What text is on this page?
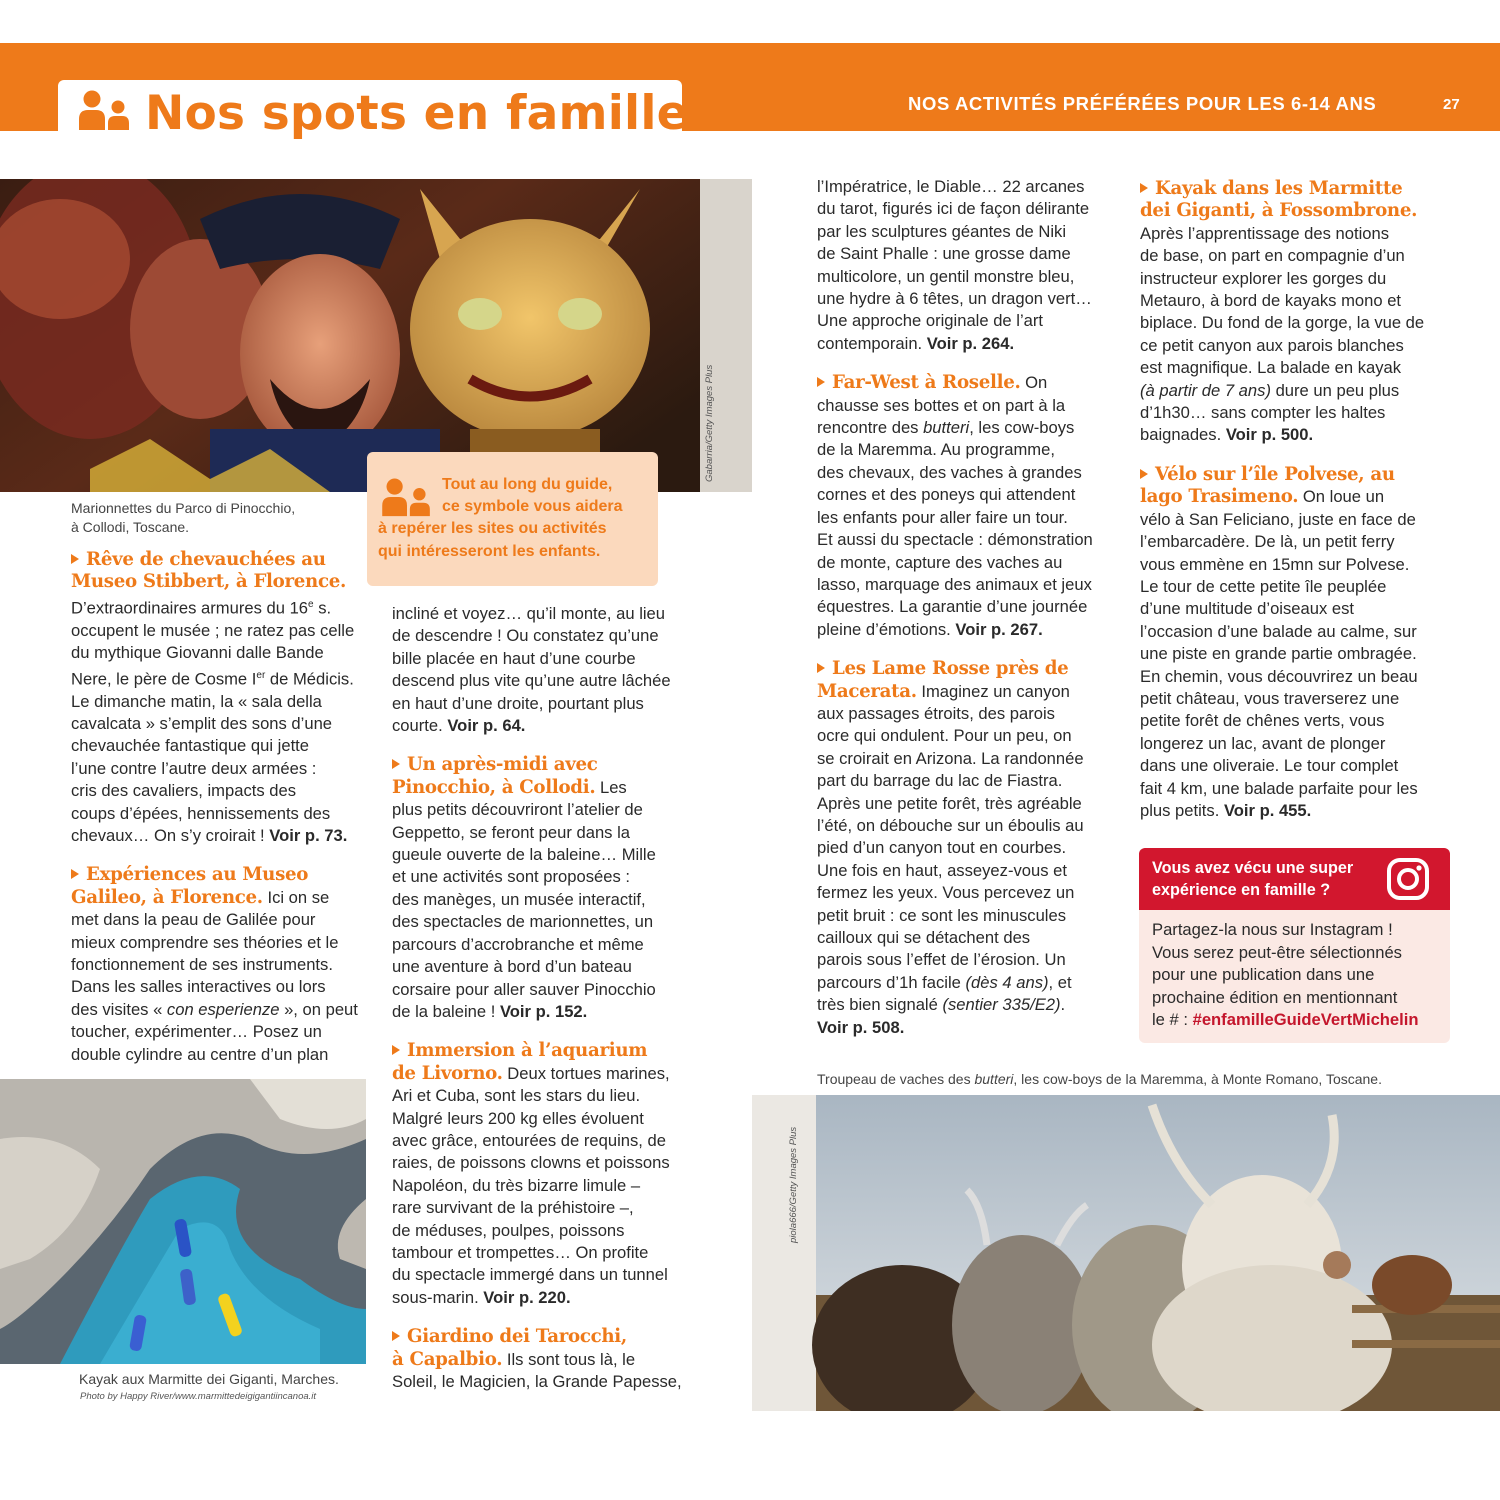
Nos spots en famille	NOS ACTIVITÉS PRÉFÉRÉES POUR LES 6-14 ANS	27
Gabarria/Getty Images Plus
Marionnettes du Parco di Pinocchio,
à Collodi, Toscane.
Kayak aux Marmitte dei Giganti, Marches.
Photo by Happy River/www.marmittedeigigantiincanoa.it
Troupeau de vaches des butteri, les cow-boys de la Maremma, à Monte Romano, Toscane.
piola666/Getty Images Plus
Tout au long du guide,
ce symbole vous aidera
à repérer les sites ou activités
qui intéresseront les enfants.
Rêve de chevauchées au
Museo Stibbert, à Florence.
D’extraordinaires armures du 16e s.
occupent le musée ; ne ratez pas celle
du mythique Giovanni dalle Bande
Nere, le père de Cosme Ier de Médicis.
Le dimanche matin, la « sala della
cavalcata » s’emplit des sons d’une
chevauchée fantastique qui jette
l’une contre l’autre deux armées :
cris des cavaliers, impacts des
coups d’épées, hennissements des
chevaux… On s’y croirait ! Voir p. 73.
Expériences au Museo
Galileo, à Florence. Ici on se
met dans la peau de Galilée pour
mieux comprendre ses théories et le
fonctionnement de ses instruments.
Dans les salles interactives ou lors
des visites « con esperienze », on peut
toucher, expérimenter… Posez un
double cylindre au centre d’un plan
incliné et voyez… qu’il monte, au lieu
de descendre ! Ou constatez qu’une
bille placée en haut d’une courbe
descend plus vite qu’une autre lâchée
en haut d’une droite, pourtant plus
courte. Voir p. 64.
Un après-midi avec
Pinocchio, à Collodi. Les
plus petits découvriront l’atelier de
Geppetto, se feront peur dans la
gueule ouverte de la baleine… Mille
et une activités sont proposées :
des manèges, un musée interactif,
des spectacles de marionnettes, un
parcours d’accrobranche et même
une aventure à bord d’un bateau
corsaire pour aller sauver Pinocchio
de la baleine ! Voir p. 152.
Immersion à l’aquarium
de Livorno. Deux tortues marines,
Ari et Cuba, sont les stars du lieu.
Malgré leurs 200 kg elles évoluent
avec grâce, entourées de requins, de
raies, de poissons clowns et poissons
Napoléon, du très bizarre limule –
rare survivant de la préhistoire –,
de méduses, poulpes, poissons
tambour et trompettes… On profite
du spectacle immergé dans un tunnel
sous-marin. Voir p. 220.
Giardino dei Tarocchi,
à Capalbio. Ils sont tous là, le
Soleil, le Magicien, la Grande Papesse,
l’Impératrice, le Diable… 22 arcanes
du tarot, figurés ici de façon délirante
par les sculptures géantes de Niki
de Saint Phalle : une grosse dame
multicolore, un gentil monstre bleu,
une hydre à 6 têtes, un dragon vert…
Une approche originale de l’art
contemporain. Voir p. 264.
Far-West à Roselle. On
chausse ses bottes et on part à la
rencontre des butteri, les cow-boys
de la Maremma. Au programme,
des chevaux, des vaches à grandes
cornes et des poneys qui attendent
les enfants pour aller faire un tour.
Et aussi du spectacle : démonstration
de monte, capture des vaches au
lasso, marquage des animaux et jeux
équestres. La garantie d’une journée
pleine d’émotions. Voir p. 267.
Les Lame Rosse près de
Macerata. Imaginez un canyon
aux passages étroits, des parois
ocre qui ondulent. Pour un peu, on
se croirait en Arizona. La randonnée
part du barrage du lac de Fiastra.
Après une petite forêt, très agréable
l’été, on débouche sur un éboulis au
pied d’un canyon tout en courbes.
Une fois en haut, asseyez-vous et
fermez les yeux. Vous percevez un
petit bruit : ce sont les minuscules
cailloux qui se détachent des
parois sous l’effet de l’érosion. Un
parcours d’1h facile (dès 4 ans), et
très bien signalé (sentier 335/E2).
Voir p. 508.
Kayak dans les Marmitte
dei Giganti, à Fossombrone.
Après l’apprentissage des notions
de base, on part en compagnie d’un
instructeur explorer les gorges du
Metauro, à bord de kayaks mono et
biplace. Du fond de la gorge, la vue de
ce petit canyon aux parois blanches
est magnifique. La balade en kayak
(à partir de 7 ans) dure un peu plus
d’1h30… sans compter les haltes
baignades. Voir p. 500.
Vélo sur l’île Polvese, au
lago Trasimeno. On loue un
vélo à San Feliciano, juste en face de
l’embarcadère. De là, un petit ferry
vous emmène en 15mn sur Polvese.
Le tour de cette petite île peuplée
d’une multitude d’oiseaux est
l’occasion d’une balade au calme, sur
une piste en grande partie ombragée.
En chemin, vous découvrirez un beau
petit château, vous traverserez une
petite forêt de chênes verts, vous
longerez un lac, avant de plonger
dans une oliveraie. Le tour complet
fait 4 km, une balade parfaite pour les
plus petits. Voir p. 455.
Vous avez vécu une super
expérience en famille ?
Partagez-la nous sur Instagram !
Vous serez peut-être sélectionnés
pour une publication dans une
prochaine édition en mentionnant
le # : #enfamilleGuideVertMichelin
